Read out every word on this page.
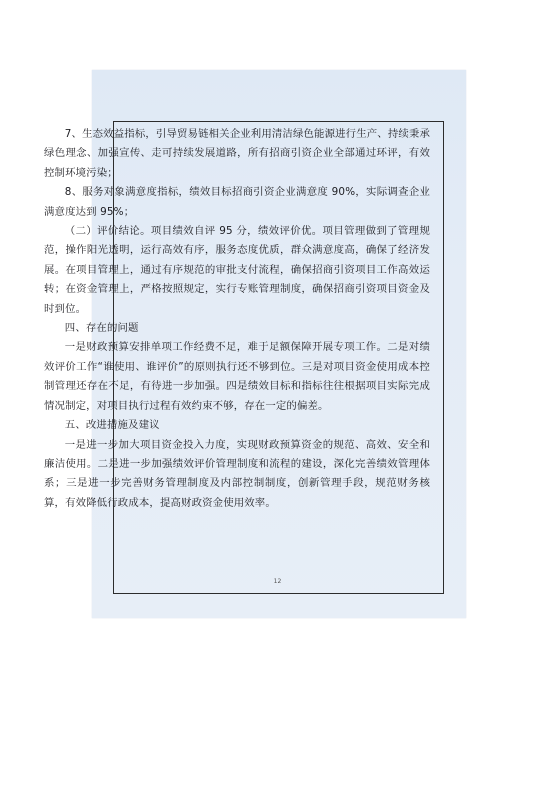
7、生态效益指标，引导贸易链相关企业利用清洁绿色能源进行生产、持续秉承绿色理念、加强宣传、走可持续发展道路，所有招商引资企业全部通过环评，有效控制环境污染；

8、服务对象满意度指标，绩效目标招商引资企业满意度 90%，实际调查企业满意度达到 95%；

（二）评价结论。项目绩效自评 95 分，绩效评价优。项目管理做到了管理规范，操作阳光透明，运行高效有序，服务态度优质，群众满意度高，确保了经济发展。在项目管理上，通过有序规范的审批支付流程，确保招商引资项目工作高效运转；在资金管理上，严格按照规定，实行专账管理制度，确保招商引资项目资金及时到位。

四、存在的问题

一是财政预算安排单项工作经费不足，难于足额保障开展专项工作。二是对绩效评价工作“谁使用、谁评价”的原则执行还不够到位。三是对项目资金使用成本控制管理还存在不足，有待进一步加强。四是绩效目标和指标往往根据项目实际完成情况制定，对项目执行过程有效约束不够，存在一定的偏差。

五、改进措施及建议

一是进一步加大项目资金投入力度，实现财政预算资金的规范、高效、安全和廉洁使用。二是进一步加强绩效评价管理制度和流程的建设，深化完善绩效管理体系；三是进一步完善财务管理制度及内部控制制度，创新管理手段，规范财务核算，有效降低行政成本，提高财政资金使用效率。

12
